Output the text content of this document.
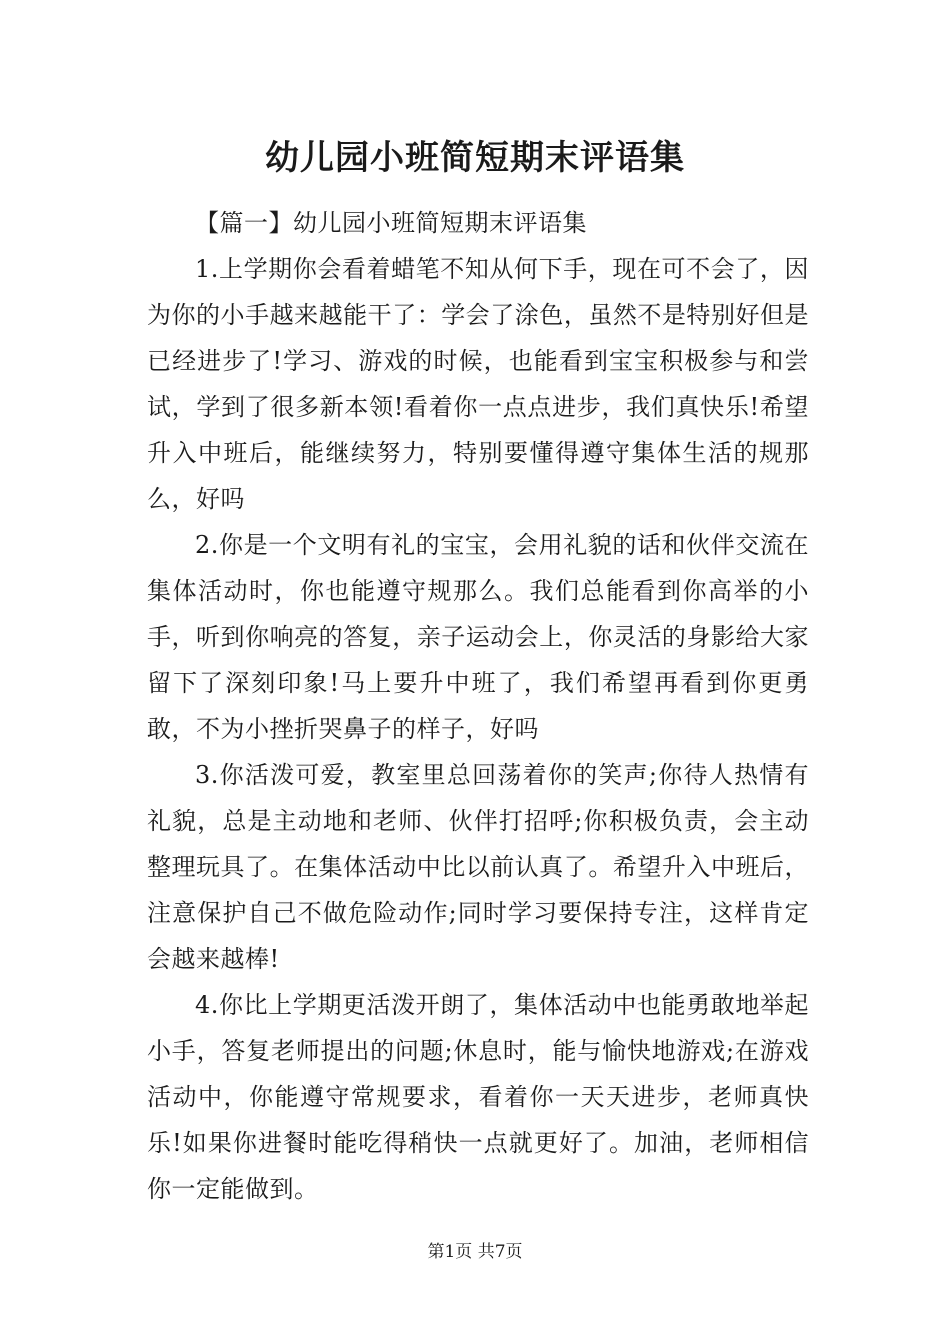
幼儿园小班简短期末评语集

【篇一】幼儿园小班简短期末评语集

1.上学期你会看着蜡笔不知从何下手，现在可不会了，因为你的小手越来越能干了：学会了涂色，虽然不是特别好但是已经进步了!学习、游戏的时候，也能看到宝宝积极参与和尝试，学到了很多新本领!看着你一点点进步，我们真快乐!希望升入中班后，能继续努力，特别要懂得遵守集体生活的规那么，好吗

2.你是一个文明有礼的宝宝，会用礼貌的话和伙伴交流在集体活动时，你也能遵守规那么。我们总能看到你高举的小手，听到你响亮的答复，亲子运动会上，你灵活的身影给大家留下了深刻印象!马上要升中班了，我们希望再看到你更勇敢，不为小挫折哭鼻子的样子，好吗

3.你活泼可爱，教室里总回荡着你的笑声;你待人热情有礼貌，总是主动地和老师、伙伴打招呼;你积极负责，会主动整理玩具了。在集体活动中比以前认真了。希望升入中班后，注意保护自己不做危险动作;同时学习要保持专注，这样肯定会越来越棒!

4.你比上学期更活泼开朗了，集体活动中也能勇敢地举起小手，答复老师提出的问题;休息时，能与愉快地游戏;在游戏活动中，你能遵守常规要求，看着你一天天进步，老师真快乐!如果你进餐时能吃得稍快一点就更好了。加油，老师相信你一定能做到。

第1页 共7页
